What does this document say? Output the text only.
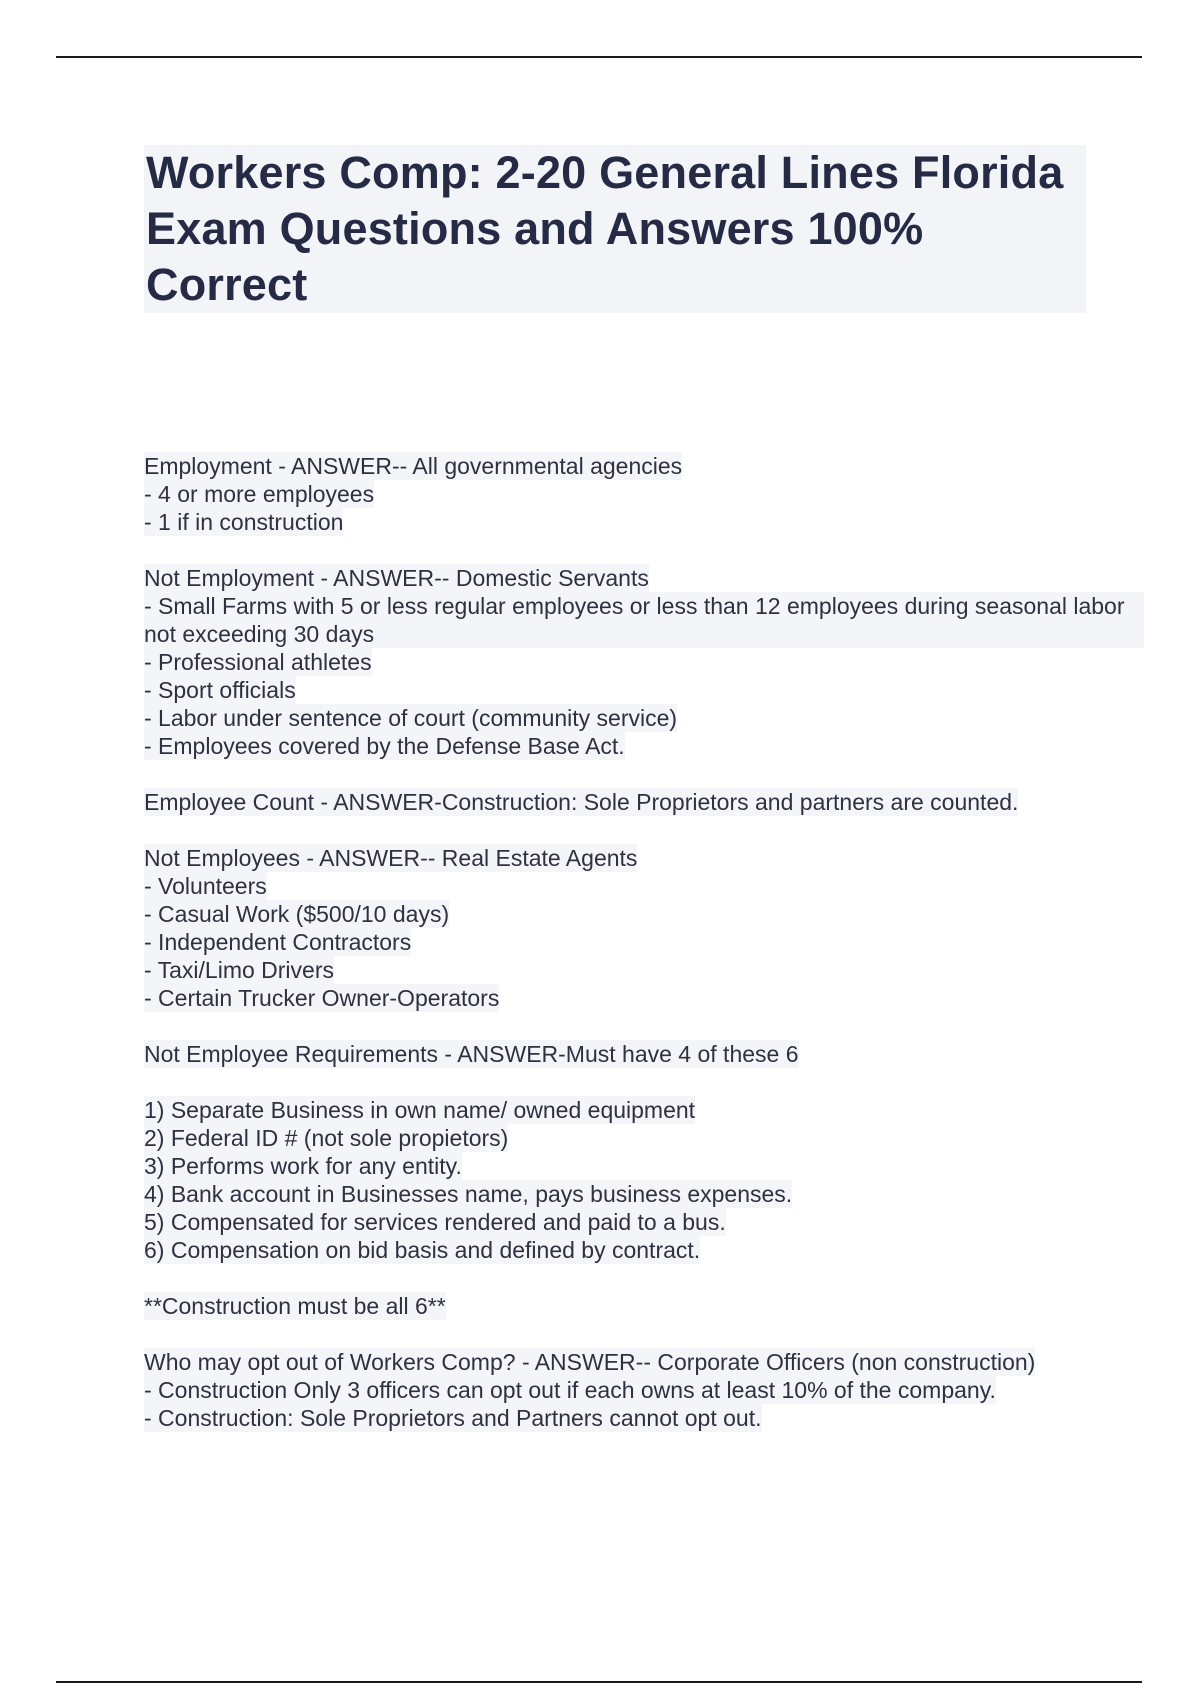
Workers Comp: 2-20 General Lines Florida Exam Questions and Answers 100% Correct
Employment - ANSWER-- All governmental agencies
- 4 or more employees
- 1 if in construction
Not Employment - ANSWER-- Domestic Servants
- Small Farms with 5 or less regular employees or less than 12 employees during seasonal labor not exceeding 30 days
- Professional athletes
- Sport officials
- Labor under sentence of court (community service)
- Employees covered by the Defense Base Act.
Employee Count - ANSWER-Construction: Sole Proprietors and partners are counted.
Not Employees - ANSWER-- Real Estate Agents
- Volunteers
- Casual Work ($500/10 days)
- Independent Contractors
- Taxi/Limo Drivers
- Certain Trucker Owner-Operators
Not Employee Requirements - ANSWER-Must have 4 of these 6
1) Separate Business in own name/ owned equipment
2) Federal ID # (not sole propietors)
3) Performs work for any entity.
4) Bank account in Businesses name, pays business expenses.
5) Compensated for services rendered and paid to a bus.
6) Compensation on bid basis and defined by contract.
**Construction must be all 6**
Who may opt out of Workers Comp? - ANSWER-- Corporate Officers (non construction)
- Construction Only 3 officers can opt out if each owns at least 10% of the company.
- Construction: Sole Proprietors and Partners cannot opt out.
